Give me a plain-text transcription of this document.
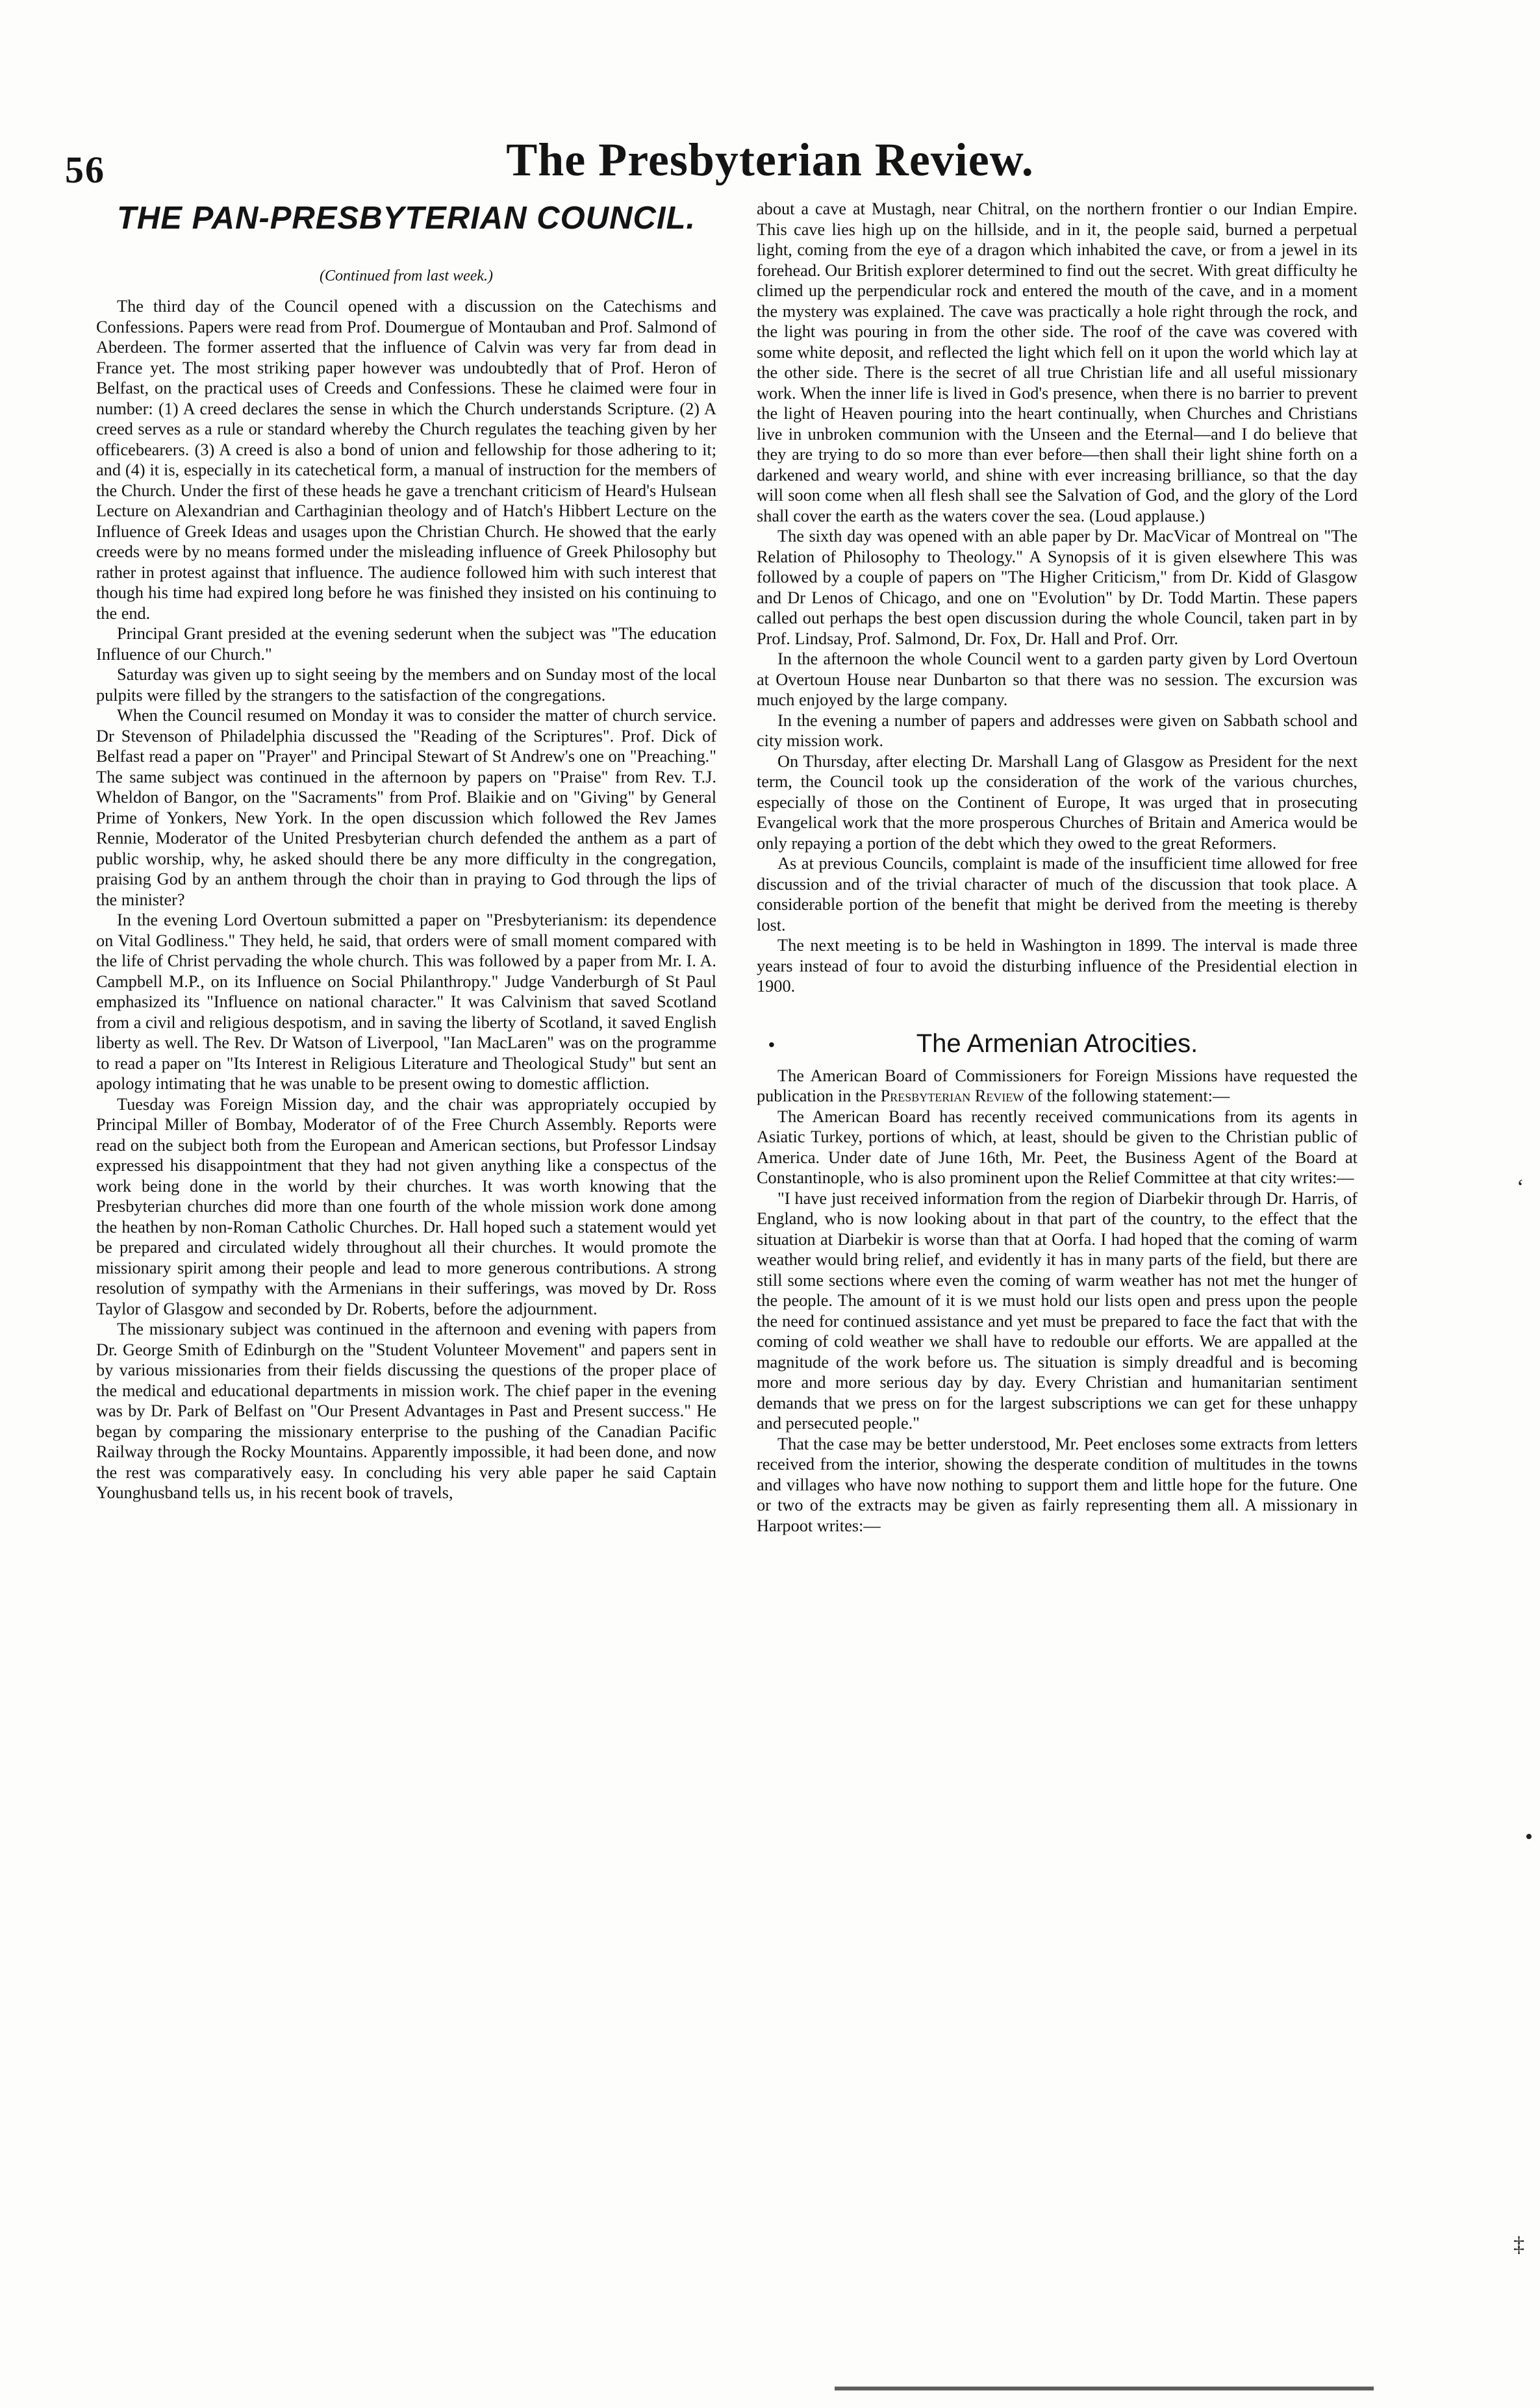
56	The Presbyterian Review.
THE PAN-PRESBYTERIAN COUNCIL.
(Continued from last week.)

The third day of the Council opened with a discussion on the Catechisms and Confessions. Papers were read from Prof. Doumergue of Montauban and Prof. Salmond of Aberdeen. The former asserted that the influence of Calvin was very far from dead in France yet. The most striking paper however was undoubtedly that of Prof. Heron of Belfast, on the practical uses of Creeds and Confessions. These he claimed were four in number: (1) A creed declares the sense in which the Church understands Scripture. (2) A creed serves as a rule or standard whereby the Church regulates the teaching given by her officebearers. (3) A creed is also a bond of union and fellowship for those adhering to it; and (4) it is, especially in its catechetical form, a manual of instruction for the members of the Church. Under the first of these heads he gave a trenchant criticism of Heard's Hulsean Lecture on Alexandrian and Carthaginian theology and of Hatch's Hibbert Lecture on the Influence of Greek Ideas and usages upon the Christian Church. He showed that the early creeds were by no means formed under the misleading influence of Greek Philosophy but rather in protest against that influence. The audience followed him with such interest that though his time had expired long before he was finished they insisted on his continuing to the end.

Principal Grant presided at the evening sederunt when the subject was "The education Influence of our Church."

Saturday was given up to sight seeing by the members and on Sunday most of the local pulpits were filled by the strangers to the satisfaction of the congregations.

When the Council resumed on Monday it was to consider the matter of church service. Dr Stevenson of Philadelphia discussed the "Reading of the Scriptures". Prof. Dick of Belfast read a paper on "Prayer" and Principal Stewart of St Andrew's one on "Preaching." The same subject was continued in the afternoon by papers on "Praise" from Rev. T.J. Wheldon of Bangor, on the "Sacraments" from Prof. Blaikie and on "Giving" by General Prime of Yonkers, New York. In the open discussion which followed the Rev James Rennie, Moderator of the United Presbyterian church defended the anthem as a part of public worship, why, he asked should there be any more difficulty in the congregation, praising God by an anthem through the choir than in praying to God through the lips of the minister?

In the evening Lord Overtoun submitted a paper on "Presbyterianism: its dependence on Vital Godliness." They held, he said, that orders were of small moment compared with the life of Christ pervading the whole church. This was followed by a paper from Mr. I. A. Campbell M.P., on its Influence on Social Philanthropy." Judge Vanderburgh of St Paul emphasized its "Influence on national character." It was Calvinism that saved Scotland from a civil and religious despotism, and in saving the liberty of Scotland, it saved English liberty as well. The Rev. Dr Watson of Liverpool, "Ian MacLaren" was on the programme to read a paper on "Its Interest in Religious Literature and Theological Study" but sent an apology intimating that he was unable to be present owing to domestic affliction.

Tuesday was Foreign Mission day, and the chair was appropriately occupied by Principal Miller of Bombay, Moderator of of the Free Church Assembly. Reports were read on the subject both from the European and American sections, but Professor Lindsay expressed his disappointment that they had not given anything like a conspectus of the work being done in the world by their churches. It was worth knowing that the Presbyterian churches did more than one fourth of the whole mission work done among the heathen by non-Roman Catholic Churches. Dr. Hall hoped such a statement would yet be prepared and circulated widely throughout all their churches. It would promote the missionary spirit among their people and lead to more generous contributions. A strong resolution of sympathy with the Armenians in their sufferings, was moved by Dr. Ross Taylor of Glasgow and seconded by Dr. Roberts, before the adjournment.

The missionary subject was continued in the afternoon and evening with papers from Dr. George Smith of Edinburgh on the "Student Volunteer Movement" and papers sent in by various missionaries from their fields discussing the questions of the proper place of the medical and educational departments in mission work. The chief paper in the evening was by Dr. Park of Belfast on "Our Present Advantages in Past and Present success." He began by comparing the missionary enterprise to the pushing of the Canadian Pacific Railway through the Rocky Mountains. Apparently impossible, it had been done, and now the rest was comparatively easy. In concluding his very able paper he said Captain Younghusband tells us, in his recent book of travels,

about a cave at Mustagh, near Chitral, on the northern frontier o our Indian Empire. This cave lies high up on the hillside, and in it, the people said, burned a perpetual light, coming from the eye of a dragon which inhabited the cave, or from a jewel in its forehead. Our British explorer determined to find out the secret. With great difficulty he climed up the perpendicular rock and entered the mouth of the cave, and in a moment the mystery was explained. The cave was practically a hole right through the rock, and the light was pouring in from the other side. The roof of the cave was covered with some white deposit, and reflected the light which fell on it upon the world which lay at the other side. There is the secret of all true Christian life and all useful missionary work. When the inner life is lived in God's presence, when there is no barrier to prevent the light of Heaven pouring into the heart continually, when Churches and Christians live in unbroken communion with the Unseen and the Eternal—and I do believe that they are trying to do so more than ever before—then shall their light shine forth on a darkened and weary world, and shine with ever increasing brilliance, so that the day will soon come when all flesh shall see the Salvation of God, and the glory of the Lord shall cover the earth as the waters cover the sea. (Loud applause.)

The sixth day was opened with an able paper by Dr. MacVicar of Montreal on "The Relation of Philosophy to Theology." A Synopsis of it is given elsewhere This was followed by a couple of papers on "The Higher Criticism," from Dr. Kidd of Glasgow and Dr Lenos of Chicago, and one on "Evolution" by Dr. Todd Martin. These papers called out perhaps the best open discussion during the whole Council, taken part in by Prof. Lindsay, Prof. Salmond, Dr. Fox, Dr. Hall and Prof. Orr.

In the afternoon the whole Council went to a garden party given by Lord Overtoun at Overtoun House near Dunbarton so that there was no session. The excursion was much enjoyed by the large company.

In the evening a number of papers and addresses were given on Sabbath school and city mission work.

On Thursday, after electing Dr. Marshall Lang of Glasgow as President for the next term, the Council took up the consideration of the work of the various churches, especially of those on the Continent of Europe, It was urged that in prosecuting Evangelical work that the more prosperous Churches of Britain and America would be only repaying a portion of the debt which they owed to the great Reformers.

As at previous Councils, complaint is made of the insufficient time allowed for free discussion and of the trivial character of much of the discussion that took place. A considerable portion of the benefit that might be derived from the meeting is thereby lost.

The next meeting is to be held in Washington in 1899. The interval is made three years instead of four to avoid the disturbing influence of the Presidential election in 1900.

•	The Armenian Atrocities.

The American Board of Commissioners for Foreign Missions have requested the publication in the Presbyterian Review of the following statement:—

The American Board has recently received communications from its agents in Asiatic Turkey, portions of which, at least, should be given to the Christian public of America. Under date of June 16th, Mr. Peet, the Business Agent of the Board at Constantinople, who is also prominent upon the Relief Committee at that city writes:—

"I have just received information from the region of Diarbekir through Dr. Harris, of England, who is now looking about in that part of the country, to the effect that the situation at Diarbekir is worse than that at Oorfa. I had hoped that the coming of warm weather would bring relief, and evidently it has in many parts of the field, but there are still some sections where even the coming of warm weather has not met the hunger of the people. The amount of it is we must hold our lists open and press upon the people the need for continued assistance and yet must be prepared to face the fact that with the coming of cold weather we shall have to redouble our efforts. We are appalled at the magnitude of the work before us. The situation is simply dreadful and is becoming more and more serious day by day. Every Christian and humanitarian sentiment demands that we press on for the largest subscriptions we can get for these unhappy and persecuted people."

That the case may be better understood, Mr. Peet encloses some extracts from letters received from the interior, showing the desperate condition of multitudes in the towns and villages who have now nothing to support them and little hope for the future. One or two of the extracts may be given as fairly representing them all. A missionary in Harpoot writes:—

‘
•
‡
